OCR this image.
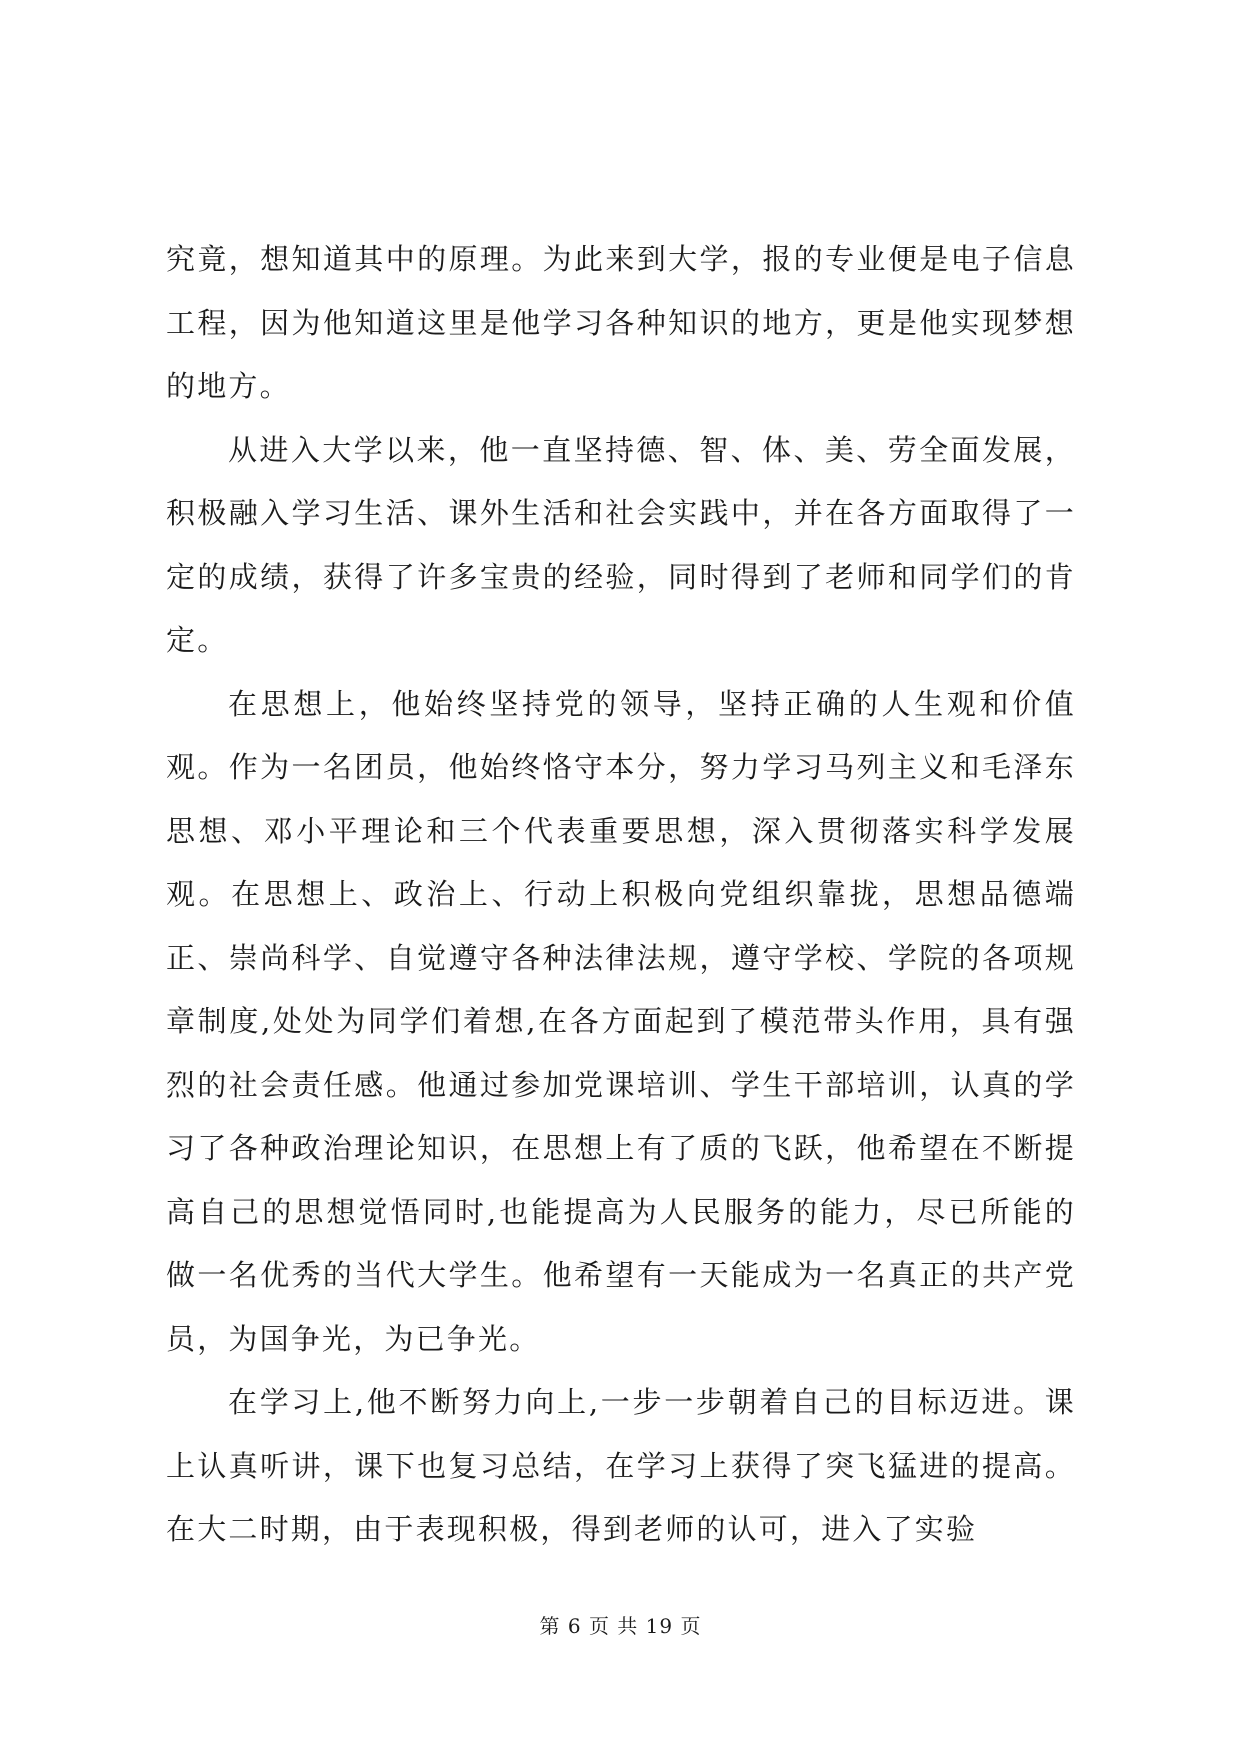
究竟，想知道其中的原理。为此来到大学，报的专业便是电子信息工程，因为他知道这里是他学习各种知识的地方，更是他实现梦想的地方。

从进入大学以来，他一直坚持德、智、体、美、劳全面发展，积极融入学习生活、课外生活和社会实践中，并在各方面取得了一定的成绩，获得了许多宝贵的经验，同时得到了老师和同学们的肯定。

在思想上，他始终坚持党的领导，坚持正确的人生观和价值观。作为一名团员，他始终恪守本分，努力学习马列主义和毛泽东思想、邓小平理论和三个代表重要思想，深入贯彻落实科学发展观。在思想上、政治上、行动上积极向党组织靠拢，思想品德端正、崇尚科学、自觉遵守各种法律法规，遵守学校、学院的各项规章制度,处处为同学们着想,在各方面起到了模范带头作用，具有强烈的社会责任感。他通过参加党课培训、学生干部培训，认真的学习了各种政治理论知识，在思想上有了质的飞跃，他希望在不断提高自己的思想觉悟同时,也能提高为人民服务的能力，尽已所能的做一名优秀的当代大学生。他希望有一天能成为一名真正的共产党员，为国争光，为已争光。

在学习上,他不断努力向上,一步一步朝着自己的目标迈进。课上认真听讲，课下也复习总结，在学习上获得了突飞猛进的提高。在大二时期，由于表现积极，得到老师的认可，进入了实验

第 6 页 共 19 页
